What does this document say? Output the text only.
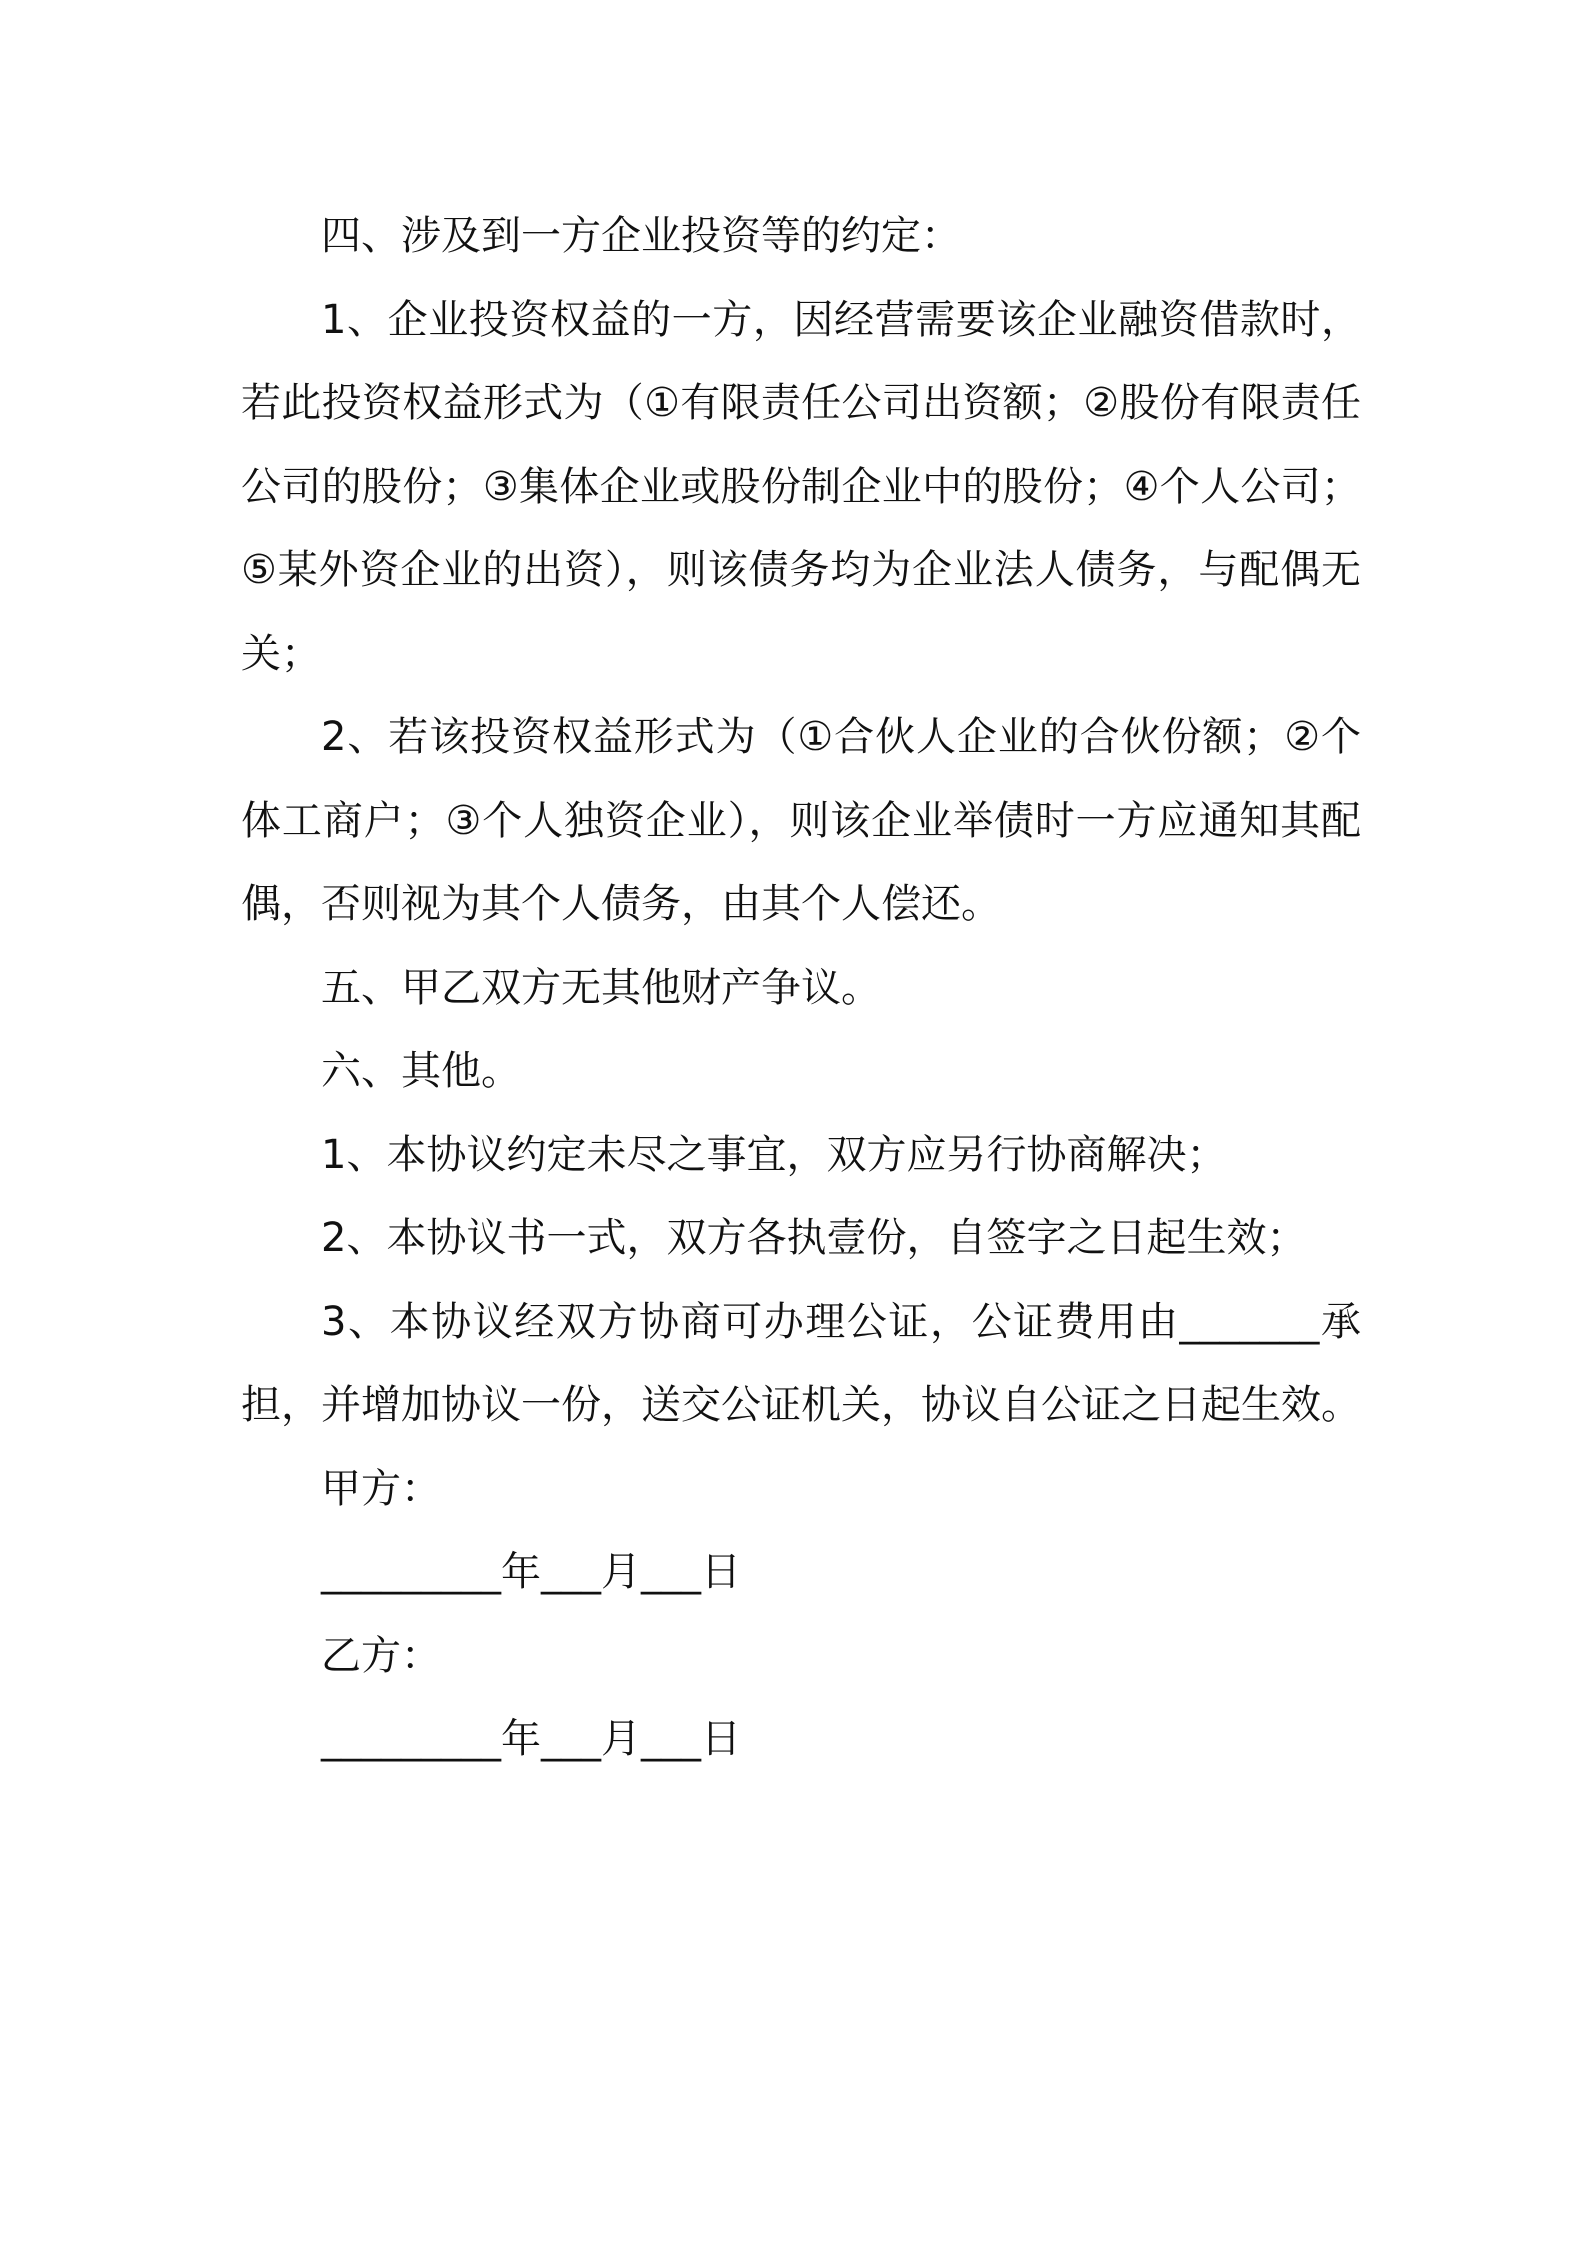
四、涉及到一方企业投资等的约定：

1、企业投资权益的一方，因经营需要该企业融资借款时，若此投资权益形式为（①有限责任公司出资额；②股份有限责任公司的股份；③集体企业或股份制企业中的股份；④个人公司；⑤某外资企业的出资），则该债务均为企业法人债务，与配偶无关；

2、若该投资权益形式为（①合伙人企业的合伙份额；②个体工商户；③个人独资企业），则该企业举债时一方应通知其配偶，否则视为其个人债务，由其个人偿还。

五、甲乙双方无其他财产争议。

六、其他。

1、本协议约定未尽之事宜，双方应另行协商解决；

2、本协议书一式，双方各执壹份，自签字之日起生效；

3、本协议经双方协商可办理公证，公证费用由_______承担，并增加协议一份，送交公证机关，协议自公证之日起生效。

甲方：

_________年___月___日

乙方：

_________年___月___日
